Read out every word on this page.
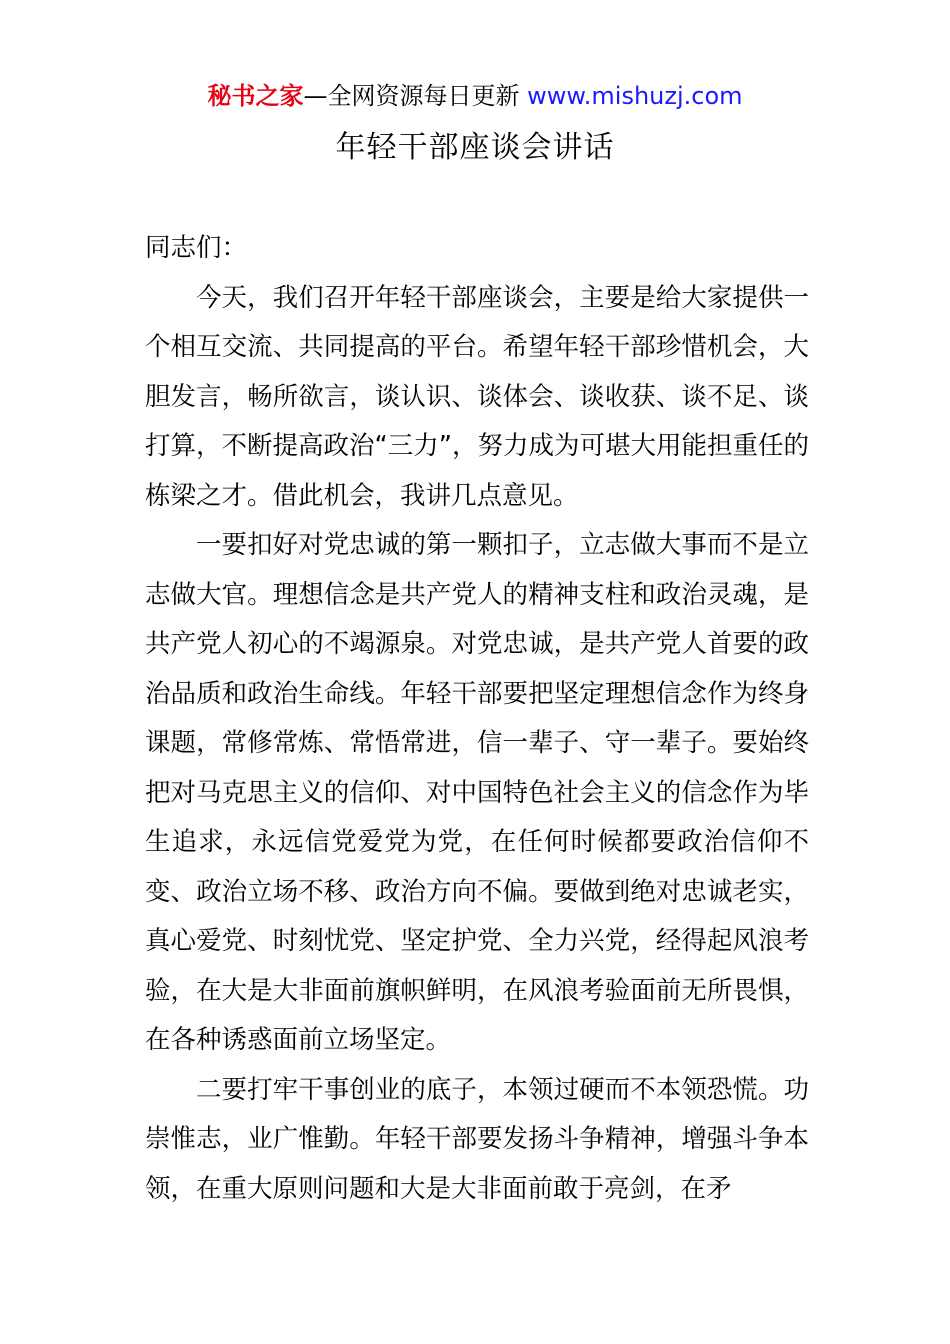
秘书之家—全网资源每日更新 www.mishuzj.com
年轻干部座谈会讲话

同志们：

今天，我们召开年轻干部座谈会，主要是给大家提供一个相互交流、共同提高的平台。希望年轻干部珍惜机会，大胆发言，畅所欲言，谈认识、谈体会、谈收获、谈不足、谈打算，不断提高政治“三力”，努力成为可堪大用能担重任的栋梁之才。借此机会，我讲几点意见。

一要扣好对党忠诚的第一颗扣子，立志做大事而不是立志做大官。理想信念是共产党人的精神支柱和政治灵魂，是共产党人初心的不竭源泉。对党忠诚，是共产党人首要的政治品质和政治生命线。年轻干部要把坚定理想信念作为终身课题，常修常炼、常悟常进，信一辈子、守一辈子。要始终把对马克思主义的信仰、对中国特色社会主义的信念作为毕生追求，永远信党爱党为党，在任何时候都要政治信仰不变、政治立场不移、政治方向不偏。要做到绝对忠诚老实，真心爱党、时刻忧党、坚定护党、全力兴党，经得起风浪考验，在大是大非面前旗帜鲜明，在风浪考验面前无所畏惧，在各种诱惑面前立场坚定。

二要打牢干事创业的底子，本领过硬而不本领恐慌。功崇惟志，业广惟勤。年轻干部要发扬斗争精神，增强斗争本领，在重大原则问题和大是大非面前敢于亮剑，在矛
